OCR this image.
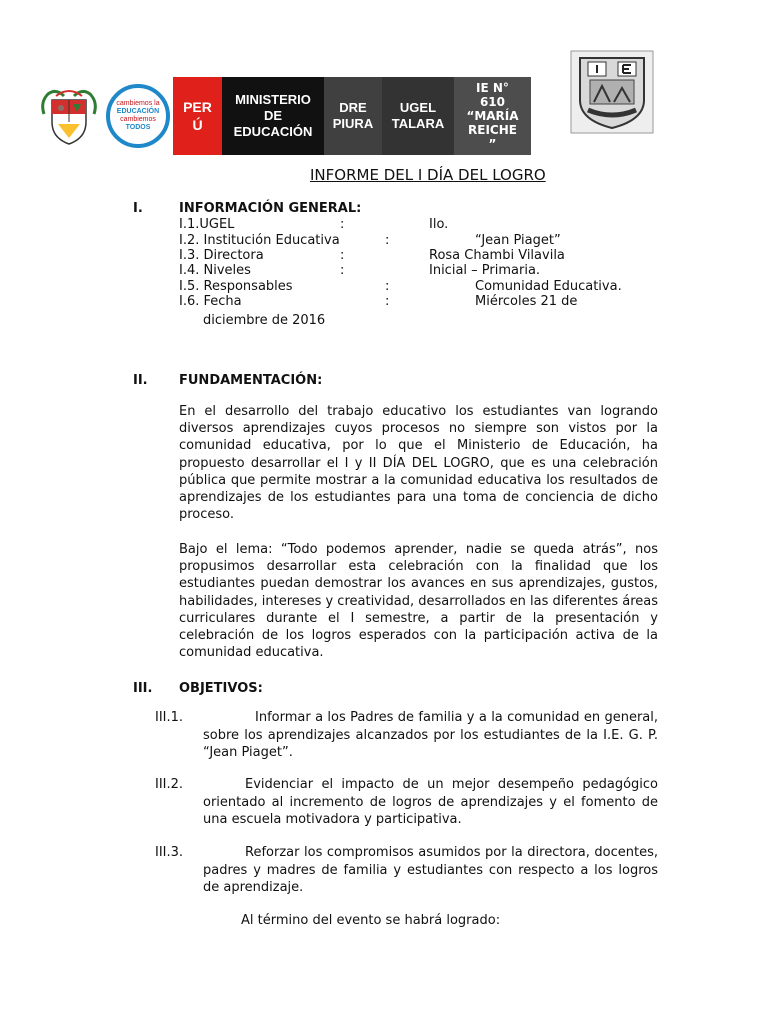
cambiemos la
EDUCACIÓN
cambiemos
TODOS
PERÚ
MINISTERIO
DE
EDUCACIÓN
DRE
PIURA
UGEL
TALARA
IE N°
610
“MARÍA
REICHE
”
INFORME DEL I DÍA DEL LOGRO
I.	INFORMACIÓN GENERAL:
I.1.UGEL	:	Ilo.
I.2. Institución Educativa	:	“Jean Piaget”
I.3. Directora	:	Rosa Chambi Vilavila
I.4. Niveles	:	Inicial – Primaria.
I.5. Responsables	:	Comunidad Educativa.
I.6. Fecha	:	Miércoles 21 de
diciembre de 2016
II. FUNDAMENTACIÓN:
En el desarrollo del trabajo educativo los estudiantes van logrando diversos aprendizajes cuyos procesos no siempre son vistos por la comunidad educativa, por lo que el Ministerio de Educación, ha propuesto desarrollar el I y II DÍA DEL LOGRO, que es una celebración pública que permite mostrar a la comunidad educativa los resultados de aprendizajes de los estudiantes para una toma de conciencia de dicho proceso.
Bajo el lema: “Todo podemos aprender, nadie se queda atrás”, nos propusimos desarrollar esta celebración con la finalidad que los estudiantes puedan demostrar los avances en sus aprendizajes, gustos, habilidades, intereses y creatividad, desarrollados en las diferentes áreas curriculares durante el I semestre, a partir de la presentación y celebración de los logros esperados con la participación activa de la comunidad educativa.
III. OBJETIVOS:
III.1.	Informar a los Padres de familia y a la comunidad en general, sobre los aprendizajes alcanzados por los estudiantes de la I.E. G. P. “Jean Piaget”.
III.2.	Evidenciar el impacto de un mejor desempeño pedagógico orientado al incremento de logros de aprendizajes y el fomento de una escuela motivadora y participativa.
III.3.	Reforzar los compromisos asumidos por la directora, docentes, padres y madres de familia y estudiantes con respecto a los logros de aprendizaje.
Al término del evento se habrá logrado:
